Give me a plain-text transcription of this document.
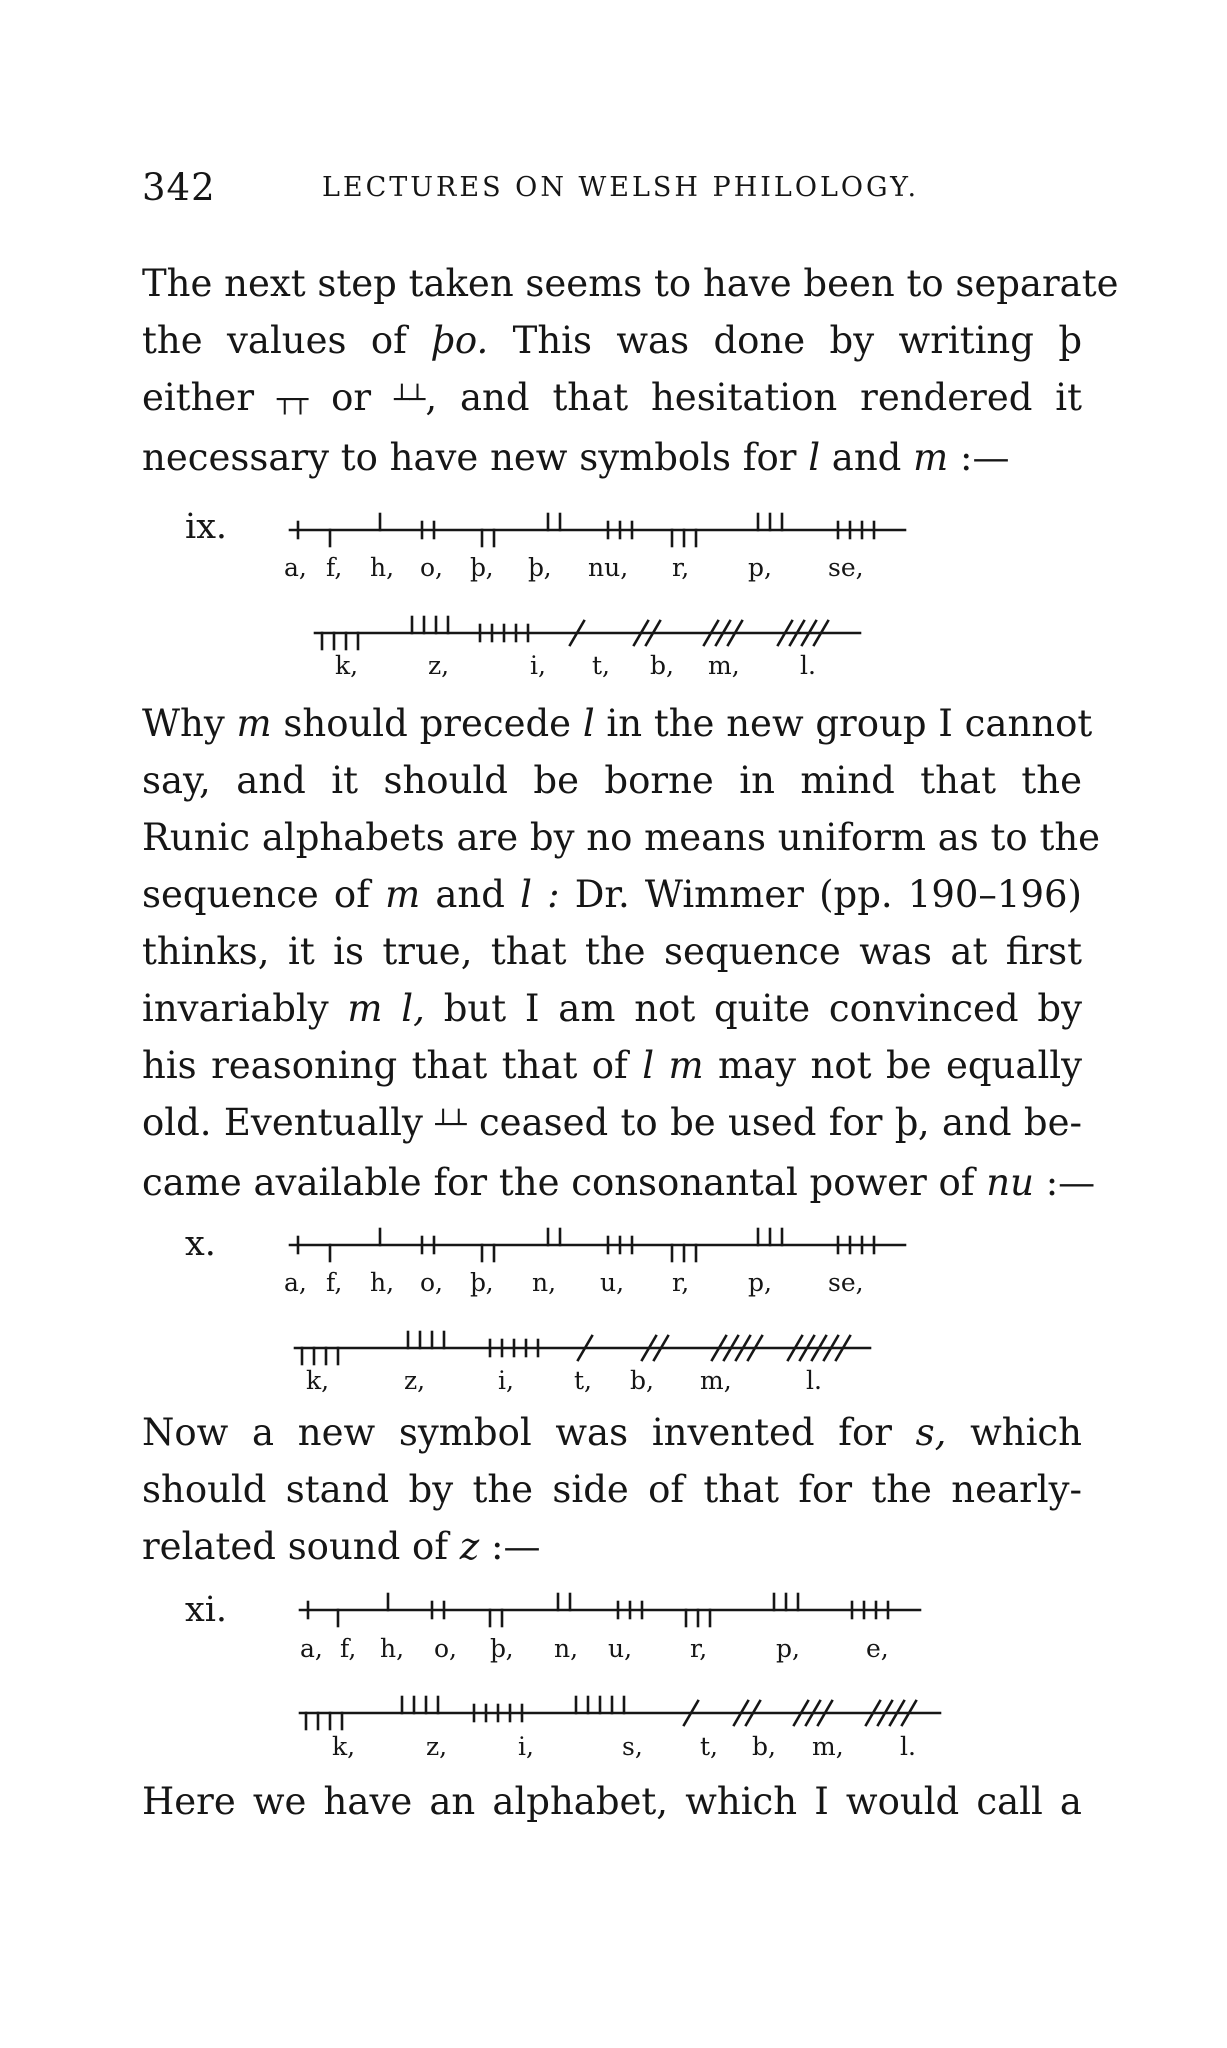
342	LECTURES ON WELSH PHILOLOGY.
The next step taken seems to have been to separate
the values of þo. This was done by writing þ
either ┬┬ or ┴┴, and that hesitation rendered it
necessary to have new symbols for l and m :—
ix.
a, f, h, o, þ, þ, nu, r, p, se,
k,	z,	i, t, b, m, l.
Why m should precede l in the new group I cannot
say, and it should be borne in mind that the
Runic alphabets are by no means uniform as to the
sequence of m and l : Dr. Wimmer (pp. 190–196)
thinks, it is true, that the sequence was at first
invariably m l, but I am not quite convinced by
his reasoning that that of l m may not be equally
old. Eventually ┴┴ ceased to be used for þ, and be-
came available for the consonantal power of nu :—
x.
a, f, h, o, þ, n, u, r, p, se,
k,	z,	i, t, b, m,	l.
Now a new symbol was invented for s, which
should stand by the side of that for the nearly-
related sound of z :—
xi.
a, f, h, o, þ, n, u, r,	p,	e,
k,	z,	i,	s, t, b, m, l.
Here we have an alphabet, which I would call a
